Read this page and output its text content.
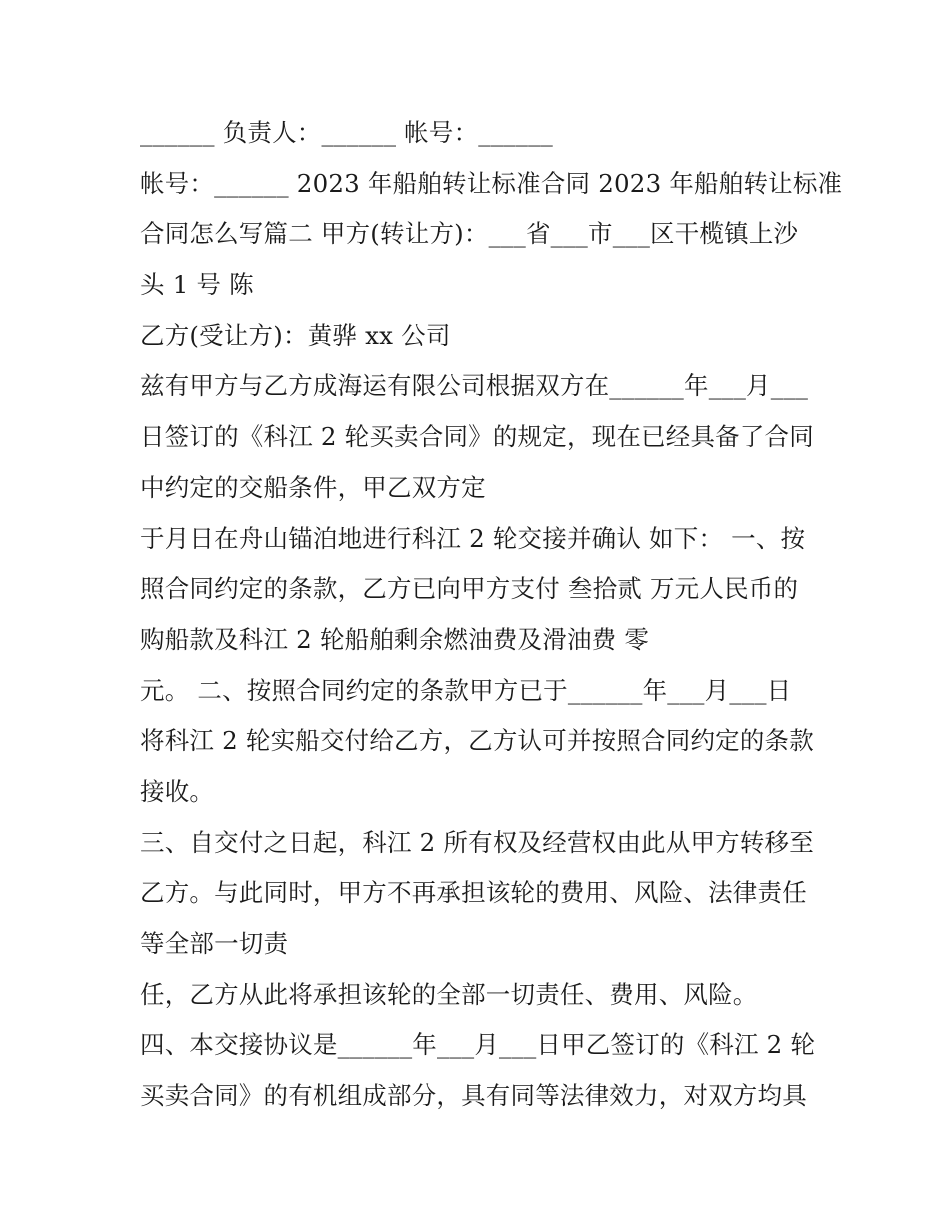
______ 负责人：______ 帐号：______

帐号：______ 2023 年船舶转让标准合同 2023 年船舶转让标准

合同怎么写篇二 甲方(转让方)：___省___市___区干榄镇上沙

头 1 号 陈

乙方(受让方)：黄骅 xx 公司

兹有甲方与乙方成海运有限公司根据双方在______年___月___

日签订的《科江 2 轮买卖合同》的规定，现在已经具备了合同

中约定的交船条件，甲乙双方定

于月日在舟山锚泊地进行科江 2 轮交接并确认 如下： 一、按

照合同约定的条款，乙方已向甲方支付 叁拾贰 万元人民币的

购船款及科江 2 轮船舶剩余燃油费及滑油费 零

元。 二、按照合同约定的条款甲方已于______年___月___日

将科江 2 轮实船交付给乙方，乙方认可并按照合同约定的条款

接收。

三、自交付之日起，科江 2 所有权及经营权由此从甲方转移至

乙方。与此同时，甲方不再承担该轮的费用、风险、法律责任

等全部一切责

任，乙方从此将承担该轮的全部一切责任、费用、风险。

四、本交接协议是______年___月___日甲乙签订的《科江 2 轮

买卖合同》的有机组成部分，具有同等法律效力，对双方均具
